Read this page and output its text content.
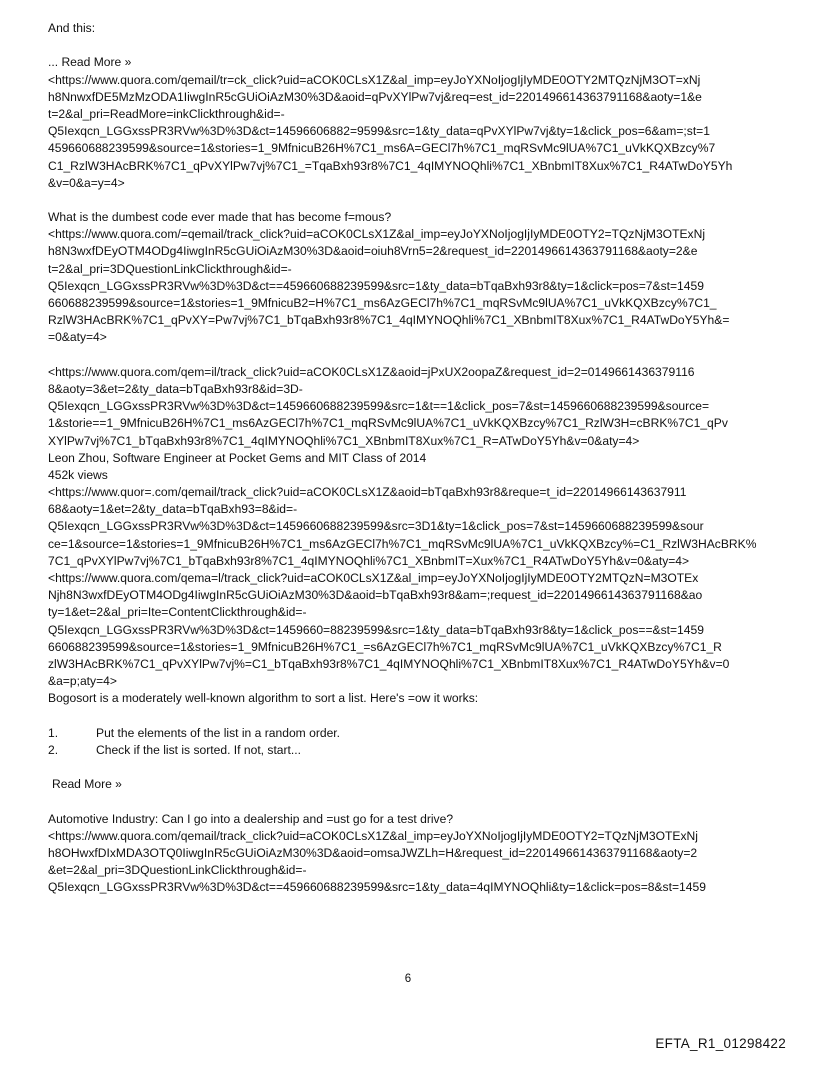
And this:
... Read More »
<https://www.quora.com/qemail/tr=ck_click?uid=aCOK0CLsX1Z&al_imp=eyJoYXNoIjogIjIyMDE0OTY2MTQzNjM3OT=xNj
h8NnwxfDE5MzMzODA1IiwgInR5cGUiOiAzM30%3D&aoid=qPvXYlPw7vj&req=est_id=2201496614363791168&aoty=1&e
t=2&al_pri=ReadMore=inkClickthrough&id=-
Q5Iexqcn_LGGxssPR3RVw%3D%3D&ct=14596606882=9599&src=1&ty_data=qPvXYlPw7vj&ty=1&click_pos=6&am=;st=1
459660688239599&source=1&stories=1_9MfnicuB26H%7C1_ms6A=GECl7h%7C1_mqRSvMc9lUA%7C1_uVkKQXBzcy%7
C1_RzlW3HAcBRK%7C1_qPvXYlPw7vj%7C1_=TqaBxh93r8%7C1_4qIMYNOQhli%7C1_XBnbmIT8Xux%7C1_R4ATwDoY5Yh
&v=0&a=y=4>
What is the dumbest code ever made that has become f=mous?
<https://www.quora.com/=qemail/track_click?uid=aCOK0CLsX1Z&al_imp=eyJoYXNoIjogIjIyMDE0OTY2=TQzNjM3OTExNj
h8N3wxfDEyOTM4ODg4IiwgInR5cGUiOiAzM30%3D&aoid=oiuh8Vrn5=2&request_id=2201496614363791168&aoty=2&e
t=2&al_pri=3DQuestionLinkClickthrough&id=-
Q5Iexqcn_LGGxssPR3RVw%3D%3D&ct==459660688239599&src=1&ty_data=bTqaBxh93r8&ty=1&click=pos=7&st=1459
660688239599&source=1&stories=1_9MfnicuB2=H%7C1_ms6AzGECl7h%7C1_mqRSvMc9lUA%7C1_uVkKQXBzcy%7C1_
RzlW3HAcBRK%7C1_qPvXY=Pw7vj%7C1_bTqaBxh93r8%7C1_4qIMYNOQhli%7C1_XBnbmIT8Xux%7C1_R4ATwDoY5Yh&=
=0&aty=4>
<https://www.quora.com/qem=il/track_click?uid=aCOK0CLsX1Z&aoid=jPxUX2oopaZ&request_id=2=0149661436379116
8&aoty=3&et=2&ty_data=bTqaBxh93r8&id=3D-
Q5Iexqcn_LGGxssPR3RVw%3D%3D&ct=1459660688239599&src=1&t==1&click_pos=7&st=1459660688239599&source=
1&storie==1_9MfnicuB26H%7C1_ms6AzGECl7h%7C1_mqRSvMc9lUA%7C1_uVkKQXBzcy%7C1_RzlW3H=cBRK%7C1_qPv
XYlPw7vj%7C1_bTqaBxh93r8%7C1_4qIMYNOQhli%7C1_XBnbmIT8Xux%7C1_R=ATwDoY5Yh&v=0&aty=4>
Leon Zhou, Software Engineer at Pocket Gems and MIT Class of 2014
452k views
<https://www.quor=.com/qemail/track_click?uid=aCOK0CLsX1Z&aoid=bTqaBxh93r8&reque=t_id=22014966143637911
68&aoty=1&et=2&ty_data=bTqaBxh93=8&id=-
Q5Iexqcn_LGGxssPR3RVw%3D%3D&ct=1459660688239599&src=3D1&ty=1&click_pos=7&st=1459660688239599&sour
ce=1&source=1&stories=1_9MfnicuB26H%7C1_ms6AzGECl7h%7C1_mqRSvMc9lUA%7C1_uVkKQXBzcy%=C1_RzlW3HAcBRK%
7C1_qPvXYlPw7vj%7C1_bTqaBxh93r8%7C1_4qIMYNOQhli%7C1_XBnbmIT=Xux%7C1_R4ATwDoY5Yh&v=0&aty=4>
<https://www.quora.com/qema=l/track_click?uid=aCOK0CLsX1Z&al_imp=eyJoYXNoIjogIjIyMDE0OTY2MTQzN=M3OTEx
Njh8N3wxfDEyOTM4ODg4IiwgInR5cGUiOiAzM30%3D&aoid=bTqaBxh93r8&am=;request_id=2201496614363791168&ao
ty=1&et=2&al_pri=Ite=ContentClickthrough&id=-
Q5Iexqcn_LGGxssPR3RVw%3D%3D&ct=1459660=88239599&src=1&ty_data=bTqaBxh93r8&ty=1&click_pos==&st=1459
660688239599&source=1&stories=1_9MfnicuB26H%7C1_=s6AzGECl7h%7C1_mqRSvMc9lUA%7C1_uVkKQXBzcy%7C1_R
zlW3HAcBRK%7C1_qPvXYlPw7vj%=C1_bTqaBxh93r8%7C1_4qIMYNOQhli%7C1_XBnbmIT8Xux%7C1_R4ATwDoY5Yh&v=0
&a=p;aty=4>
Bogosort is a moderately well-known algorithm to sort a list. Here's =ow it works:
1.	Put the elements of the list in a random order.
2.	Check if the list is sorted. If not, start...
Read More »
Automotive Industry: Can I go into a dealership and =ust go for a test drive?
<https://www.quora.com/qemail/track_click?uid=aCOK0CLsX1Z&al_imp=eyJoYXNoIjogIjIyMDE0OTY2=TQzNjM3OTExNj
h8OHwxfDIxMDA3OTQ0IiwgInR5cGUiOiAzM30%3D&aoid=omsaJWZLh=H&request_id=2201496614363791168&aoty=2
&et=2&al_pri=3DQuestionLinkClickthrough&id=-
Q5Iexqcn_LGGxssPR3RVw%3D%3D&ct==459660688239599&src=1&ty_data=4qIMYNOQhli&ty=1&click=pos=8&st=1459
6
EFTA_R1_01298422
